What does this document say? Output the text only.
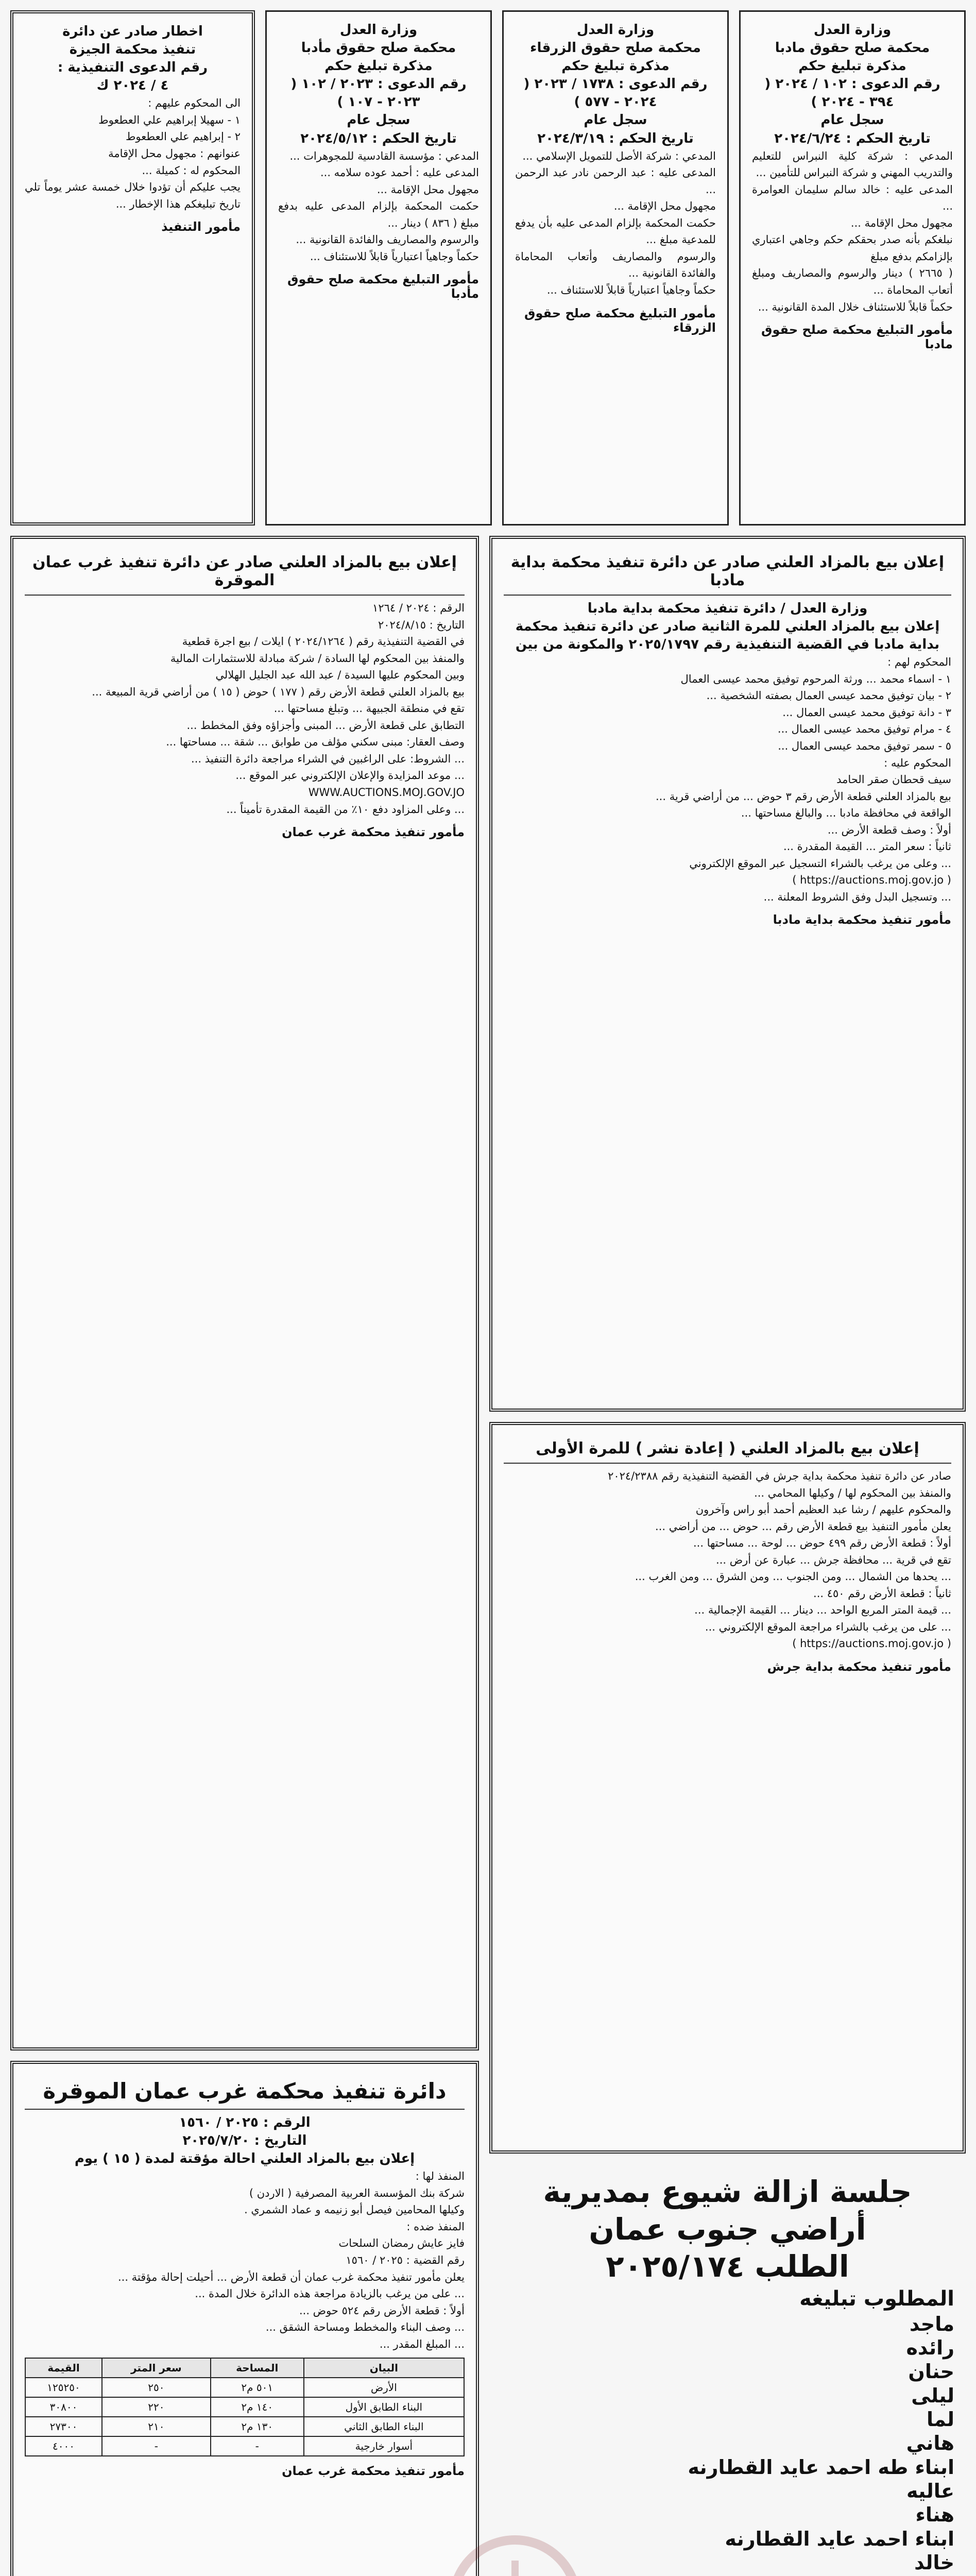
وزارة العدل
محكمة صلح حقوق مادبا
مذكرة تبليغ حكم
رقم الدعوى : ١٠٢ / ٢٠٢٤ ( ٣٩٤ - ٢٠٢٤ )
سجل عام
تاريخ الحكم : ٢٠٢٤/٦/٢٤
المدعي : شركة كلية النبراس للتعليم والتدريب المهني و شركة النبراس للتأمين ...
المدعى عليه : خالد سالم سليمان العوامرة ...
مجهول محل الإقامة ...
نبلغكم بأنه صدر بحقكم حكم وجاهي اعتباري بإلزامكم بدفع مبلغ
( ٢٦٦٥ ) دينار والرسوم والمصاريف ومبلغ أتعاب المحاماة ...
حكماً قابلاً للاستئناف خلال المدة القانونية ...
مأمور التبليغ محكمة صلح حقوق مادبا
وزارة العدل
محكمة صلح حقوق الزرقاء
مذكرة تبليغ حكم
رقم الدعوى : ١٧٣٨ / ٢٠٢٣ ( ٢٠٢٤ - ٥٧٧ )
سجل عام
تاريخ الحكم : ٢٠٢٤/٣/١٩
المدعي : شركة الأصل للتمويل الإسلامي ...
المدعى عليه : عبد الرحمن نادر عبد الرحمن ...
مجهول محل الإقامة ...
حكمت المحكمة بإلزام المدعى عليه بأن يدفع للمدعية مبلغ ...
والرسوم والمصاريف وأتعاب المحاماة والفائدة القانونية ...
حكماً وجاهياً اعتبارياً قابلاً للاستئناف ...
مأمور التبليغ محكمة صلح حقوق الزرقاء
وزارة العدل
محكمة صلح حقوق مأدبا
مذكرة تبليغ حكم
رقم الدعوى : ٢٠٢٣ / ١٠٢ ( ٢٠٢٣ - ١٠٧ )
سجل عام
تاريخ الحكم : ٢٠٢٤/٥/١٢
المدعي : مؤسسة القادسية للمجوهرات ...
المدعى عليه : أحمد عوده سلامه ...
مجهول محل الإقامة ...
حكمت المحكمة بإلزام المدعى عليه بدفع مبلغ ( ٨٣٦ ) دينار ...
والرسوم والمصاريف والفائدة القانونية ...
حكماً وجاهياً اعتبارياً قابلاً للاستئناف ...
مأمور التبليغ محكمة صلح حقوق مأدبا
اخطار صادر عن دائرة
تنفيذ محكمة الجيزة
رقم الدعوى التنفيذية :
٤ / ٢٠٢٤ ك
الى المحكوم عليهم :
١ - سهيلا إبراهيم علي العطعوط
٢ - إبراهيم علي العطعوط
عنوانهم : مجهول محل الإقامة
المحكوم له : كميلة ...
يجب عليكم أن تؤدوا خلال خمسة عشر يوماً تلي تاريخ تبليغكم هذا الإخطار ...
مأمور التنفيذ
إعلان بيع بالمزاد العلني صادر عن دائرة تنفيذ غرب عمان الموقرة
الرقم : ٢٠٢٤ / ١٢٦٤
التاريخ : ٢٠٢٤/٨/١٥
في القضية التنفيذية رقم ( ٢٠٢٤/١٢٦٤ ) ايلات / بيع اجرة قطعية
والمنفذ بين المحكوم لها السادة / شركة مبادلة للاستثمارات المالية
وبين المحكوم عليها السيدة / عبد الله عبد الجليل الهلالي
بيع بالمزاد العلني قطعة الأرض رقم ( ١٧٧ ) حوض ( ١٥ ) من أراضي قرية المبيعة ...
تقع في منطقة الجبيهة ... وتبلغ مساحتها ...
التطابق على قطعة الأرض ... المبنى وأجزاؤه وفق المخطط ...
وصف العقار: مبنى سكني مؤلف من طوابق ... شقة ... مساحتها ...
... الشروط: على الراغبين في الشراء مراجعة دائرة التنفيذ ...
... موعد المزايدة والإعلان الإلكتروني عبر الموقع ...
WWW.AUCTIONS.MOJ.GOV.JO
... وعلى المزاود دفع ١٠٪ من القيمة المقدرة تأميناً ...
مأمور تنفيذ محكمة غرب عمان
إعلان بيع بالمزاد العلني صادر عن دائرة تنفيذ محكمة بداية مادبا
وزارة العدل / دائرة تنفيذ محكمة بداية مادبا
إعلان بيع بالمزاد العلني للمرة الثانية صادر عن دائرة تنفيذ محكمة
بداية مادبا في القضية التنفيذية رقم ٢٠٢٥/١٧٩٧ والمكونة من بين
المحكوم لهم :
١ - اسماء محمد ... ورثة المرحوم توفيق محمد عيسى العمال
٢ - بيان توفيق محمد عيسى العمال بصفته الشخصية ...
٣ - دانة توفيق محمد عيسى العمال ...
٤ - مرام توفيق محمد عيسى العمال ...
٥ - سمر توفيق محمد عيسى العمال ...
المحكوم عليه :
سيف قحطان صقر الحامد
بيع بالمزاد العلني قطعة الأرض رقم ٣ حوض ... من أراضي قرية ...
الواقعة في محافظة مادبا ... والبالغ مساحتها ...
أولاً : وصف قطعة الأرض ...
ثانياً : سعر المتر ... القيمة المقدرة ...
... وعلى من يرغب بالشراء التسجيل عبر الموقع الإلكتروني
( https://auctions.moj.gov.jo )
... وتسجيل البدل وفق الشروط المعلنة ...
مأمور تنفيذ محكمة بداية مادبا
إعلان بيع بالمزاد العلني ( إعادة نشر ) للمرة الأولى
صادر عن دائرة تنفيذ محكمة بداية جرش في القضية التنفيذية رقم ٢٠٢٤/٢٣٨٨
والمنفذ بين المحكوم لها / وكيلها المحامي ...
والمحكوم عليهم / رشا عبد العظيم أحمد أبو راس وآخرون
يعلن مأمور التنفيذ بيع قطعة الأرض رقم ... حوض ... من أراضي ...
أولاً : قطعة الأرض رقم ٤٩٩ حوض ... لوحة ... مساحتها ...
تقع في قرية ... محافظة جرش ... عبارة عن أرض ...
... يحدها من الشمال ... ومن الجنوب ... ومن الشرق ... ومن الغرب ...
ثانياً : قطعة الأرض رقم ٤٥٠ ...
... قيمة المتر المربع الواحد ... دينار ... القيمة الإجمالية ...
... على من يرغب بالشراء مراجعة الموقع الإلكتروني ...
( https://auctions.moj.gov.jo )
مأمور تنفيذ محكمة بداية جرش
دائرة تنفيذ محكمة غرب عمان الموقرة
الرقم : ٢٠٢٥ / ١٥٦٠
التاريخ : ٢٠٢٥/٧/٢٠
إعلان بيع بالمزاد العلني احالة مؤقتة لمدة ( ١٥ ) يوم
المنفذ لها :
شركة بنك المؤسسة العربية المصرفية ( الاردن )
وكيلها المحامين فيصل أبو زنيمه و عماد الشمري .
المنفذ ضده :
فايز عايش رمضان السلحات
رقم القضية : ٢٠٢٥ / ١٥٦٠
يعلن مأمور تنفيذ محكمة غرب عمان أن قطعة الأرض ... أحيلت إحالة مؤقتة ...
... على من يرغب بالزيادة مراجعة هذه الدائرة خلال المدة ...
أولاً : قطعة الأرض رقم ٥٢٤ حوض ...
... وصف البناء والمخطط ومساحة الشقق ...
... المبلغ المقدر ...
البيان	المساحة	سعر المتر	القيمة
الأرض	٥٠١ م٢	٢٥٠	١٢٥٢٥٠
البناء الطابق الأول	١٤٠ م٢	٢٢٠	٣٠٨٠٠
البناء الطابق الثاني	١٣٠ م٢	٢١٠	٢٧٣٠٠
أسوار خارجية	-	-	٤٠٠٠
مأمور تنفيذ محكمة غرب عمان
جلسة ازالة شيوع بمديرية
أراضي جنوب عمان
الطلب ٢٠٢٥/١٧٤
المطلوب تبليغه
ماجد
رائده
حنان
ليلى
لما
هاني
ابناء طه احمد عايد القطارنه
عاليه
هناء
ابناء احمد عايد القطارنه
خالد
